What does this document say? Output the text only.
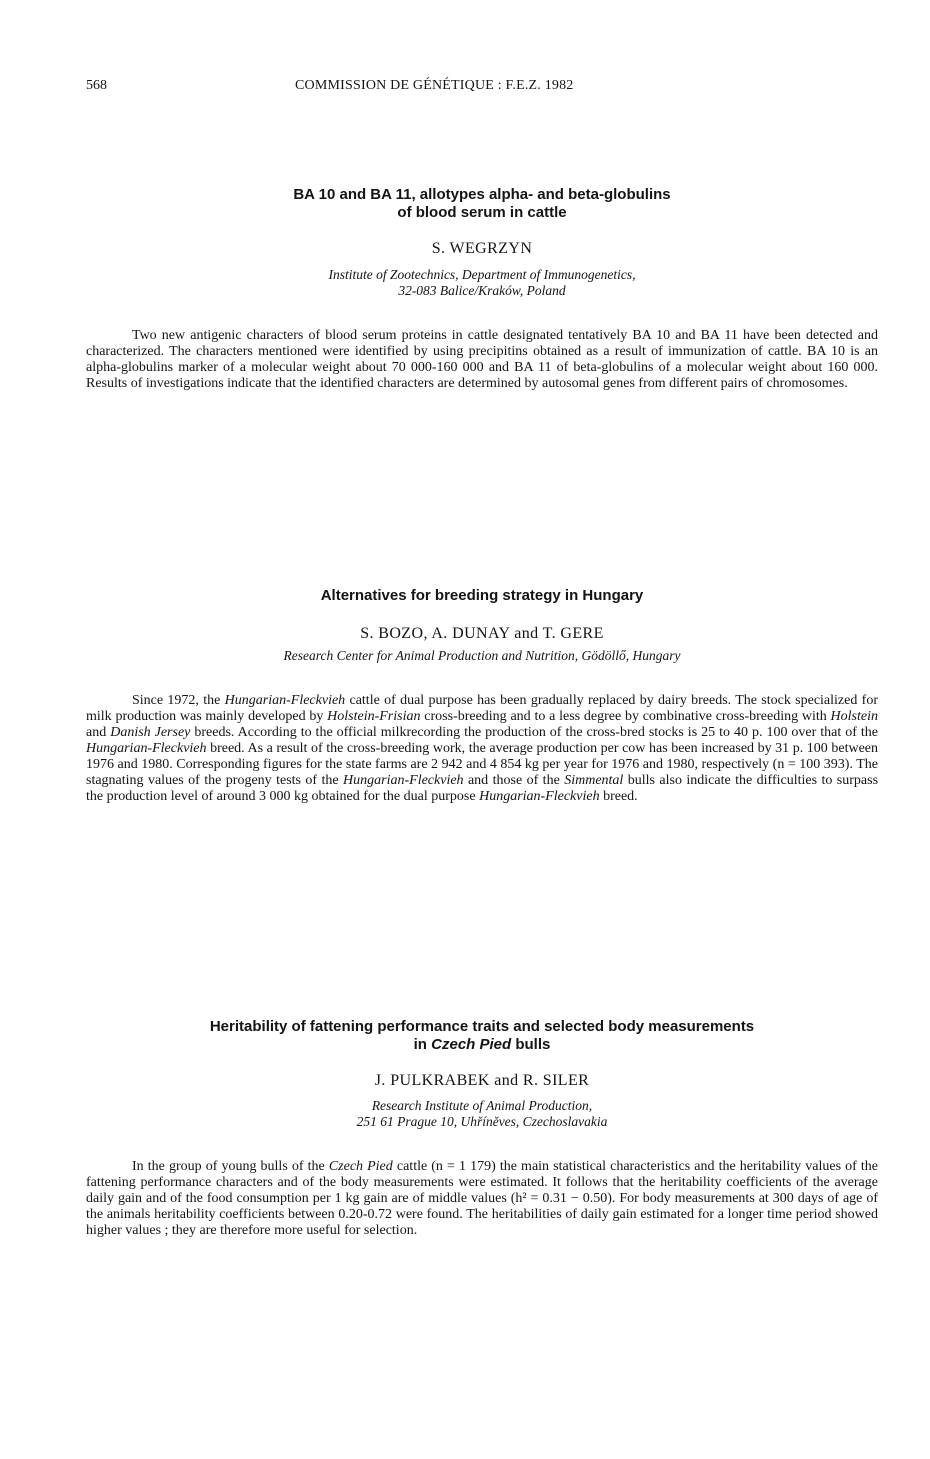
568	COMMISSION DE GÉNÉTIQUE : F.E.Z. 1982
BA 10 and BA 11, allotypes alpha- and beta-globulins
of blood serum in cattle

S. WEGRZYN

Institute of Zootechnics, Department of Immunogenetics,
32-083 Balice/Kraków, Poland

Two new antigenic characters of blood serum proteins in cattle designated tentatively BA 10 and BA 11 have been detected and characterized. The characters mentioned were identified by using precipitins obtained as a result of immunization of cattle. BA 10 is an alpha-globulins marker of a molecular weight about 70 000-160 000 and BA 11 of beta-globulins of a molecular weight about 160 000. Results of investigations indicate that the identified characters are determined by autosomal genes from different pairs of chromosomes.

Alternatives for breeding strategy in Hungary

S. BOZO, A. DUNAY and T. GERE

Research Center for Animal Production and Nutrition, Gödöllő, Hungary

Since 1972, the Hungarian-Fleckvieh cattle of dual purpose has been gradually replaced by dairy breeds. The stock specialized for milk production was mainly developed by Holstein-Frisian cross-breeding and to a less degree by combinative cross-breeding with Holstein and Danish Jersey breeds. According to the official milkrecording the production of the cross-bred stocks is 25 to 40 p. 100 over that of the Hungarian-Fleckvieh breed. As a result of the cross-breeding work, the average production per cow has been increased by 31 p. 100 between 1976 and 1980. Corresponding figures for the state farms are 2 942 and 4 854 kg per year for 1976 and 1980, respectively (n = 100 393). The stagnating values of the progeny tests of the Hungarian-Fleckvieh and those of the Simmental bulls also indicate the difficulties to surpass the production level of around 3 000 kg obtained for the dual purpose Hungarian-Fleckvieh breed.

Heritability of fattening performance traits and selected body measurements
in Czech Pied bulls

J. PULKRABEK and R. SILER

Research Institute of Animal Production,
251 61 Prague 10, Uhříněves, Czechoslavakia

In the group of young bulls of the Czech Pied cattle (n = 1 179) the main statistical characteristics and the heritability values of the fattening performance characters and of the body measurements were estimated. It follows that the heritability coefficients of the average daily gain and of the food consumption per 1 kg gain are of middle values (h² = 0.31 − 0.50). For body measurements at 300 days of age of the animals heritability coefficients between 0.20-0.72 were found. The heritabilities of daily gain estimated for a longer time period showed higher values ; they are therefore more useful for selection.
